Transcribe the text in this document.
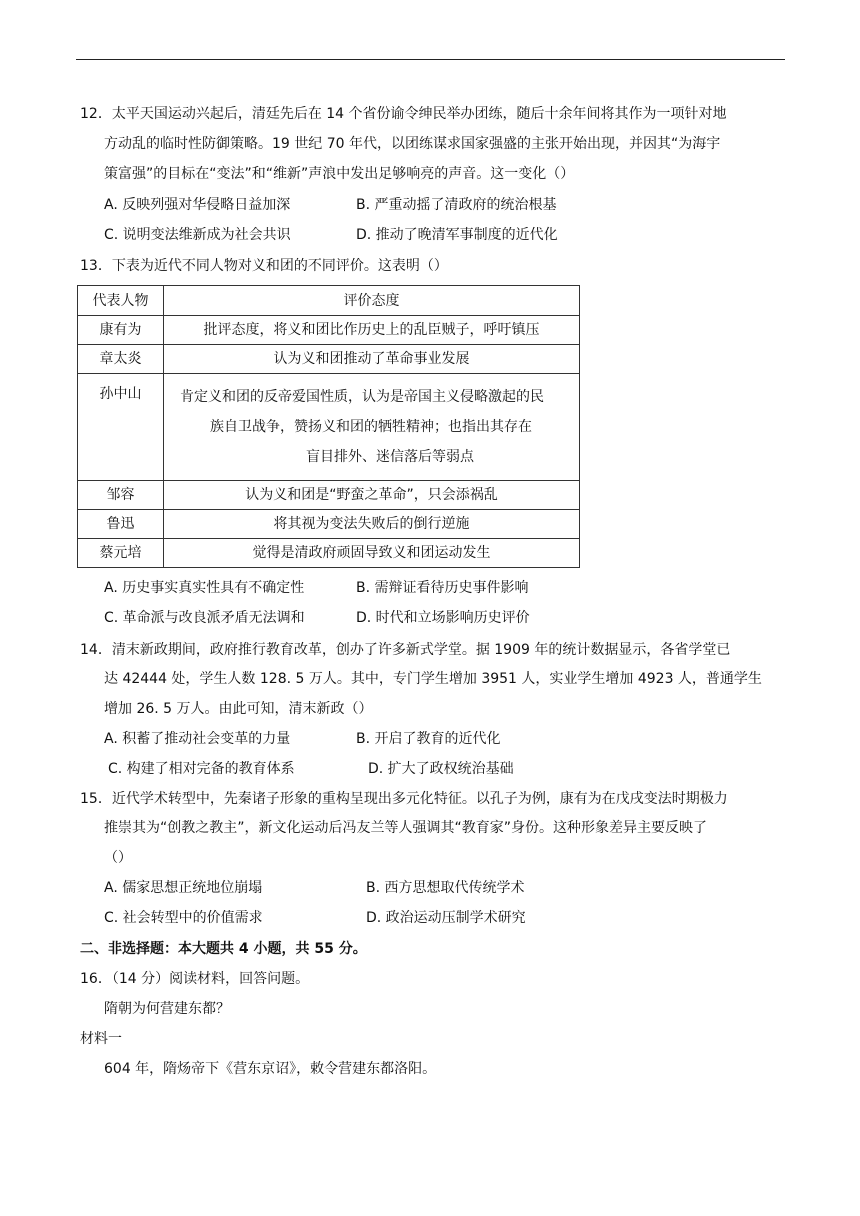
12．太平天国运动兴起后，清廷先后在 14 个省份谕令绅民举办团练，随后十余年间将其作为一项针对地
方动乱的临时性防御策略。19 世纪 70 年代，以团练谋求国家强盛的主张开始出现，并因其“为海宇
策富强”的目标在“变法”和“维新”声浪中发出足够响亮的声音。这一变化（）
A. 反映列强对华侵略日益加深	B. 严重动摇了清政府的统治根基
C. 说明变法维新成为社会共识	D. 推动了晚清军事制度的近代化
13．下表为近代不同人物对义和团的不同评价。这表明（）
代表人物	评价态度
康有为	批评态度，将义和团比作历史上的乱臣贼子，呼吁镇压
章太炎	认为义和团推动了革命事业发展
孙中山	肯定义和团的反帝爱国性质，认为是帝国主义侵略激起的民
族自卫战争，赞扬义和团的牺牲精神；也指出其存在
盲目排外、迷信落后等弱点

邹容	认为义和团是“野蛮之革命”，只会添祸乱
鲁迅	将其视为变法失败后的倒行逆施
蔡元培	觉得是清政府顽固导致义和团运动发生
A. 历史事实真实性具有不确定性	B. 需辩证看待历史事件影响
C. 革命派与改良派矛盾无法调和	D. 时代和立场影响历史评价
14．清末新政期间，政府推行教育改革，创办了许多新式学堂。据 1909 年的统计数据显示，各省学堂已
达 42444 处，学生人数 128. 5 万人。其中，专门学生增加 3951 人，实业学生增加 4923 人，普通学生
增加 26. 5 万人。由此可知，清末新政（）
A. 积蓄了推动社会变革的力量	B. 开启了教育的近代化
C. 构建了相对完备的教育体系	D. 扩大了政权统治基础
15．近代学术转型中，先秦诸子形象的重构呈现出多元化特征。以孔子为例，康有为在戊戌变法时期极力
推崇其为“创教之教主”，新文化运动后冯友兰等人强调其“教育家”身份。这种形象差异主要反映了
（）
A. 儒家思想正统地位崩塌	B. 西方思想取代传统学术
C. 社会转型中的价值需求	D. 政治运动压制学术研究
二、非选择题：本大题共 4 小题，共 55 分。
16．（14 分）阅读材料，回答问题。
隋朝为何营建东都？
材料一
604 年，隋炀帝下《营东京诏》，敕令营建东都洛阳。
